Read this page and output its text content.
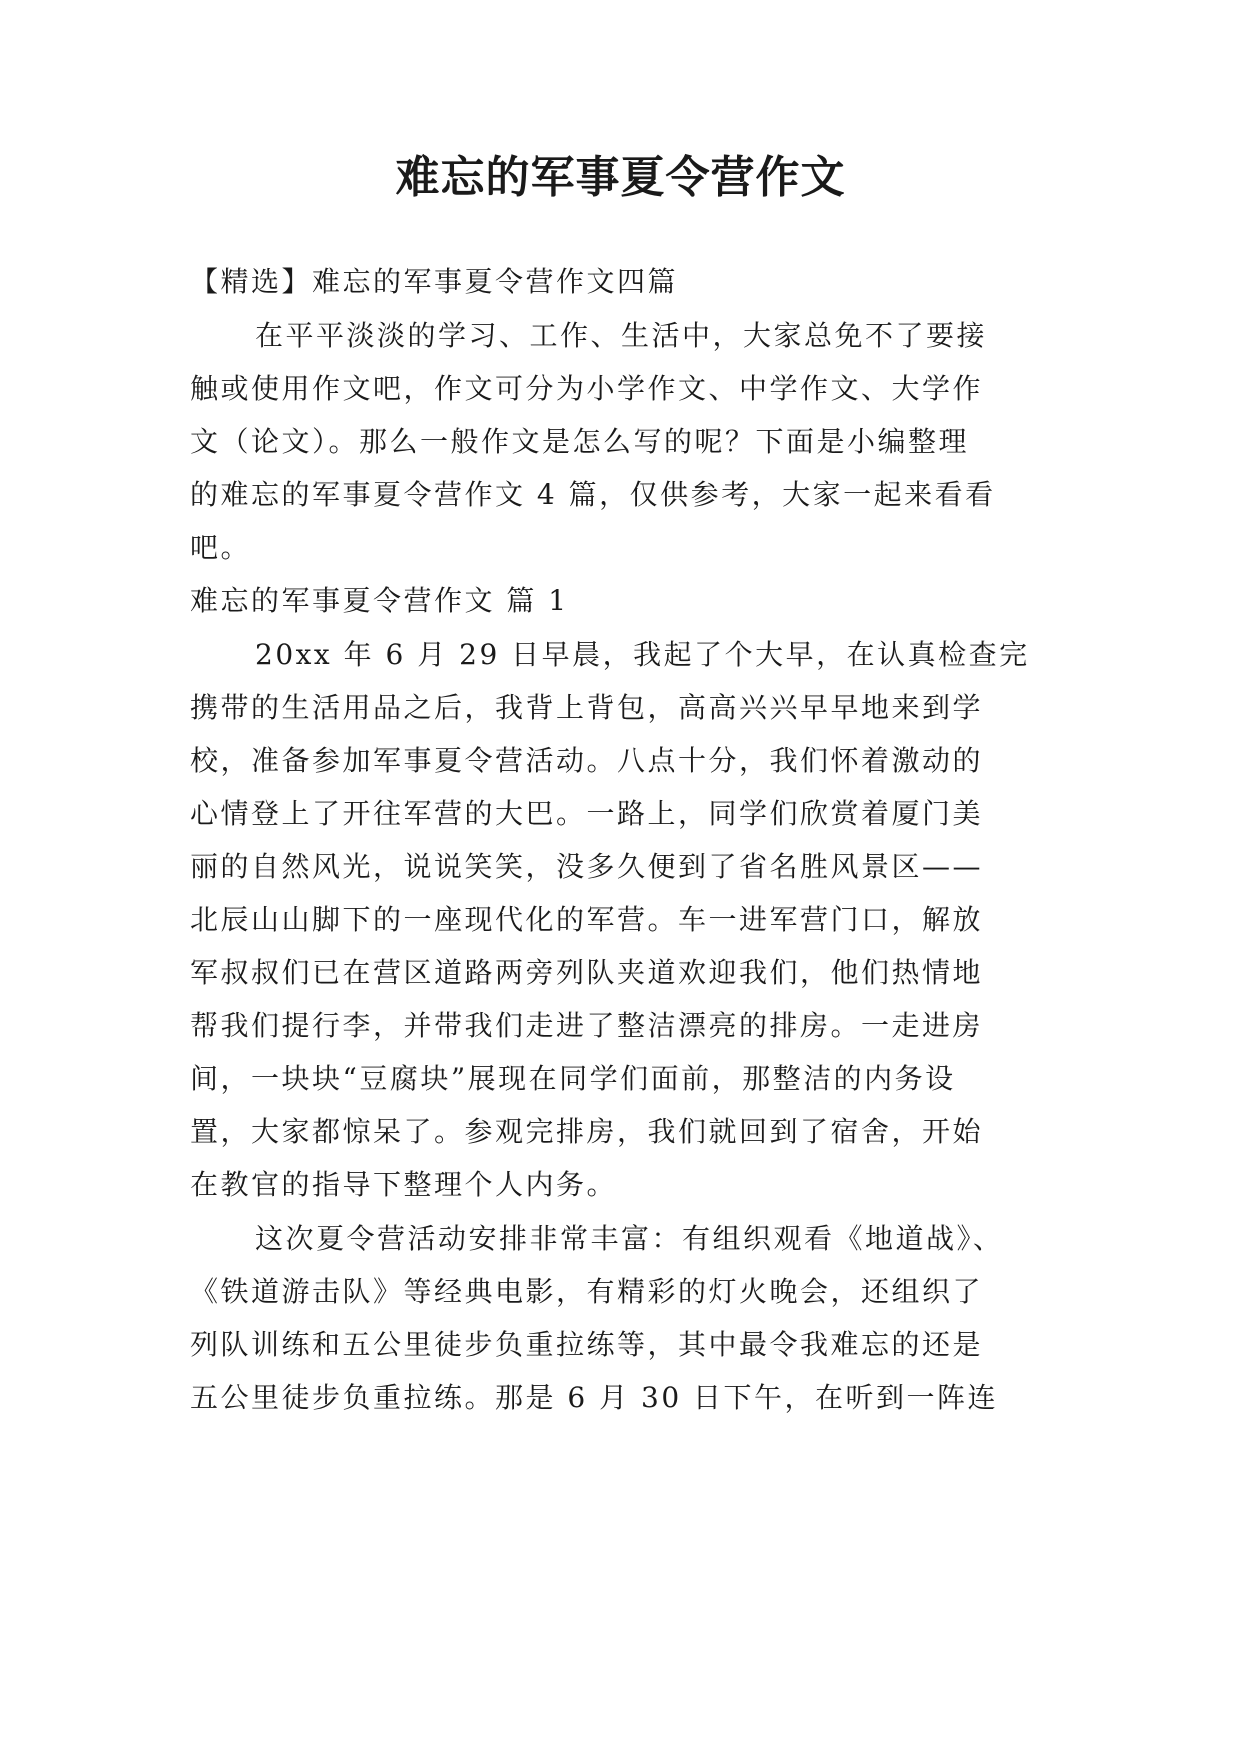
难忘的军事夏令营作文
【精选】难忘的军事夏令营作文四篇
在平平淡淡的学习、工作、生活中，大家总免不了要接
触或使用作文吧，作文可分为小学作文、中学作文、大学作
文（论文）。那么一般作文是怎么写的呢？下面是小编整理
的难忘的军事夏令营作文 4 篇，仅供参考，大家一起来看看
吧。
难忘的军事夏令营作文 篇 1
20xx 年 6 月 29 日早晨，我起了个大早，在认真检查完
携带的生活用品之后，我背上背包，高高兴兴早早地来到学
校，准备参加军事夏令营活动。八点十分，我们怀着激动的
心情登上了开往军营的大巴。一路上，同学们欣赏着厦门美
丽的自然风光，说说笑笑，没多久便到了省名胜风景区——
北辰山山脚下的一座现代化的军营。车一进军营门口，解放
军叔叔们已在营区道路两旁列队夹道欢迎我们，他们热情地
帮我们提行李，并带我们走进了整洁漂亮的排房。一走进房
间，一块块“豆腐块”展现在同学们面前，那整洁的内务设
置，大家都惊呆了。参观完排房，我们就回到了宿舍，开始
在教官的指导下整理个人内务。
这次夏令营活动安排非常丰富：有组织观看《地道战》、
《铁道游击队》等经典电影，有精彩的灯火晚会，还组织了
列队训练和五公里徒步负重拉练等，其中最令我难忘的还是
五公里徒步负重拉练。那是 6 月 30 日下午，在听到一阵连
